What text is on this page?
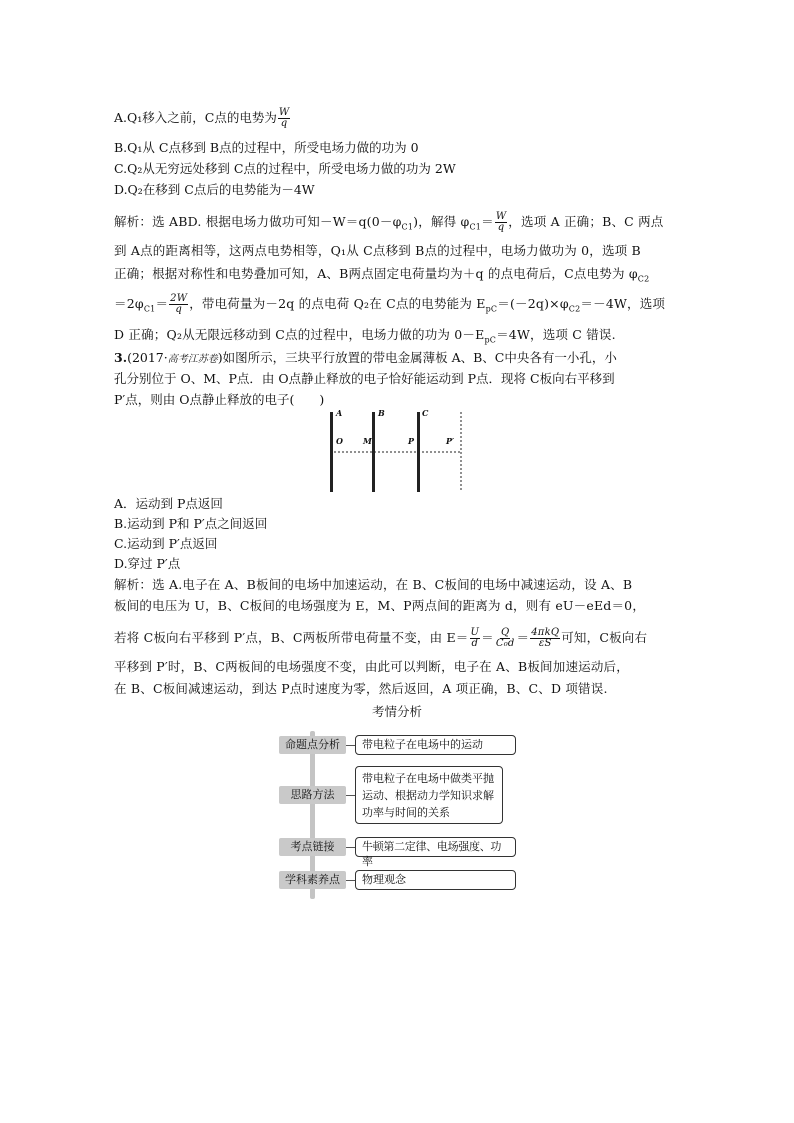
A.Q₁移入之前，C点的电势为 $\frac{W}{q}$
B.Q₁从 C点移到 B点的过程中，所受电场力做的功为 0
C.Q₂从无穷远处移到 C点的过程中，所受电场力做的功为 2W
D.Q₂在移到 C点后的电势能为－4W
解析：选 ABD. 根据电场力做功可知$-W=q(0-\varphi_{C1})$，解得 $\varphi_{C1}= \frac{W}{q}$ ，选项 A 正确；B、C 两点
到 A点的距离相等，这两点电势相等，Q₁从 C点移到 B点的过程中，电场力做功为 0，选项 B
正确；根据对称性和电势叠加可知，A、B两点固定电荷量均为＋q 的点电荷后，C点电势为 $\varphi_{C2}$
$=2\varphi_{C1}= \frac{2W}{q}$ ，带电荷量为－2q 的点电荷 Q₂在 C点的电势能为 $E_{pC}=(-2q)\times\varphi_{C2}=-4W$，选项
D 正确；Q₂从无限远移动到 C点的过程中，电场力做的功为 $0-E_{pC}=4W$，选项 C 错误.
3.(2017·高考江苏卷)如图所示，三块平行放置的带电金属薄板 A、B、C中央各有一小孔，小
孔分别位于 O、M、P点．由 O点静止释放的电子恰好能运动到 P点．现将 C板向右平移到
P′点，则由 O点静止释放的电子(　　)
A	B	C
O	M	P	P′
A．运动到 P点返回
B.运动到 P和 P′点之间返回
C.运动到 P′点返回
D.穿过 P′点
解析：选 A.电子在 A、B板间的电场中加速运动，在 B、C板间的电场中减速运动，设 A、B
板间的电压为 U，B、C板间的电场强度为 E，M、P两点间的距离为 d，则有 eU－eEd＝0，
若将 C板向右平移到 P′点，B、C两板所带电荷量不变，由 $E= \frac{U}{d} = \frac{Q}{\text{C₀d}} = \frac{\text{4πkQ}}{\varepsilon S}$ 可知，C板向右
平移到 P′时，B、C两板间的电场强度不变，由此可以判断，电子在 A、B板间加速运动后，
在 B、C板间减速运动，到达 P点时速度为零，然后返回，A 项正确，B、C、D 项错误.
考情分析
命题点分析	带电粒子在电场中的运动
思路方法
带电粒子在电场中做类平抛运动、根据动力学知识求解功率与时间的关系
考点链接	牛顿第二定律、电场强度、功率
学科素养点	物理观念
